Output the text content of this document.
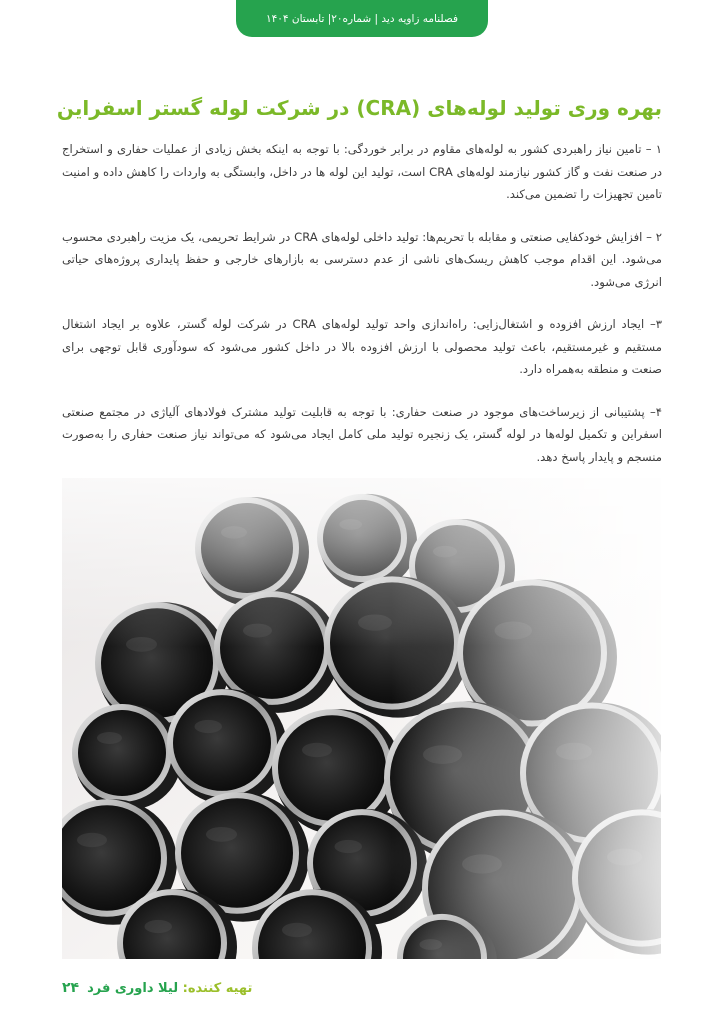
فصلنامه زاویه دید | شماره۲۰| تابستان ۱۴۰۴
بهره وری تولید لوله‌های (CRA) در شرکت لوله گستر اسفراین

۱ – تامین نیاز راهبردی کشور به لوله‌های مقاوم در برابر خوردگی: با توجه به اینکه بخش زیادی از عملیات حفاری و استخراج در صنعت نفت و گاز کشور نیازمند لوله‌های CRA است، تولید این لوله ها در داخل، وابستگی به واردات را کاهش داده و امنیت تامین تجهیزات را تضمین می‌کند.

۲ – افزایش خودکفایی صنعتی و مقابله با تحریم‌ها: تولید داخلی لوله‌های CRA در شرایط تحریمی، یک مزیت راهبردی محسوب می‌شود. این اقدام موجب کاهش ریسک‌های ناشی از عدم دسترسی به بازارهای خارجی و حفظ پایداری پروژه‌های حیاتی انرژی می‌شود.

۳– ایجاد ارزش افزوده و اشتغال‌زایی: راه‌اندازی واحد تولید لوله‌های CRA در شرکت لوله گستر، علاوه بر ایجاد اشتغال مستقیم و غیرمستقیم، باعث تولید محصولی با ارزش افزوده بالا در داخل کشور می‌شود که سودآوری قابل توجهی برای صنعت و منطقه به‌همراه دارد.

۴– پشتیبانی از زیرساخت‌های موجود در صنعت حفاری: با توجه به قابلیت تولید مشترک فولادهای آلیاژی در مجتمع صنعتی اسفراین و تکمیل لوله‌ها در لوله گستر، یک زنجیره تولید ملی کامل ایجاد می‌شود که می‌تواند نیاز صنعت حفاری را به‌صورت منسجم و پایدار پاسخ دهد.

۲۴	تهیه کننده: لیلا داوری فرد
